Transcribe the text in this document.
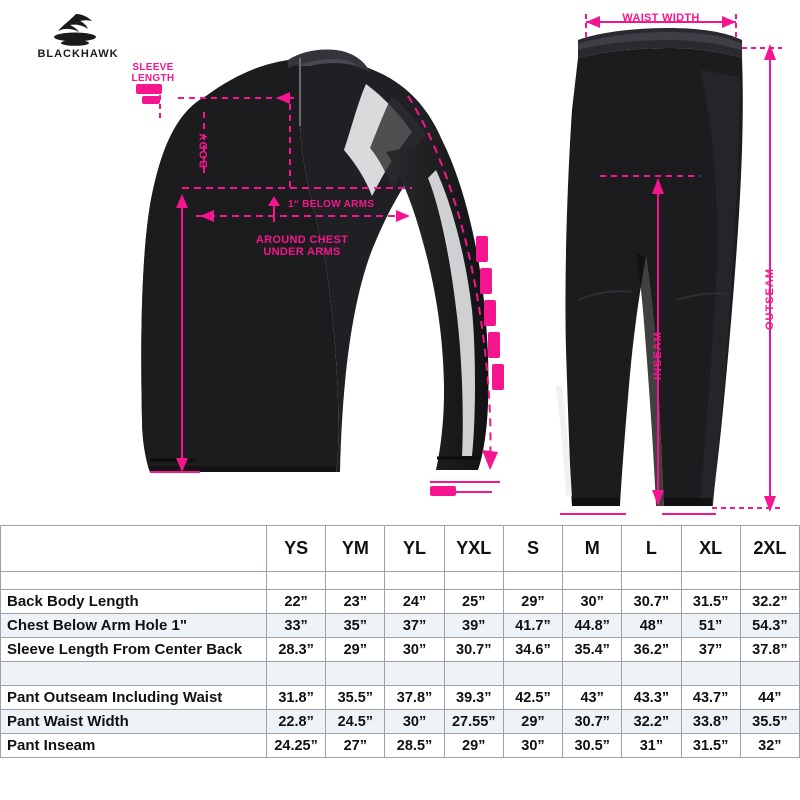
BLACKHAWK
SLEEVE
LENGTH
BODY
1“ BELOW ARMS
AROUND CHEST
UNDER ARMS
WAIST WIDTH
OUTSEAM
INSEAM
	YS	YM	YL	YXL	S	M	L	XL	2XL

Back Body Length	22”	23”	24”	25”	29”	30”	30.7”	31.5”	32.2”
Chest Below Arm Hole 1"	33”	35”	37”	39”	41.7”	44.8”	48”	51”	54.3”
Sleeve Length From Center Back	28.3”	29”	30”	30.7”	34.6”	35.4”	36.2”	37”	37.8”

Pant Outseam Including Waist	31.8”	35.5”	37.8”	39.3”	42.5”	43”	43.3”	43.7”	44”
Pant Waist Width	22.8”	24.5”	30”	27.55”	29”	30.7”	32.2”	33.8”	35.5”
Pant Inseam	24.25”	27”	28.5”	29”	30”	30.5”	31”	31.5”	32”
